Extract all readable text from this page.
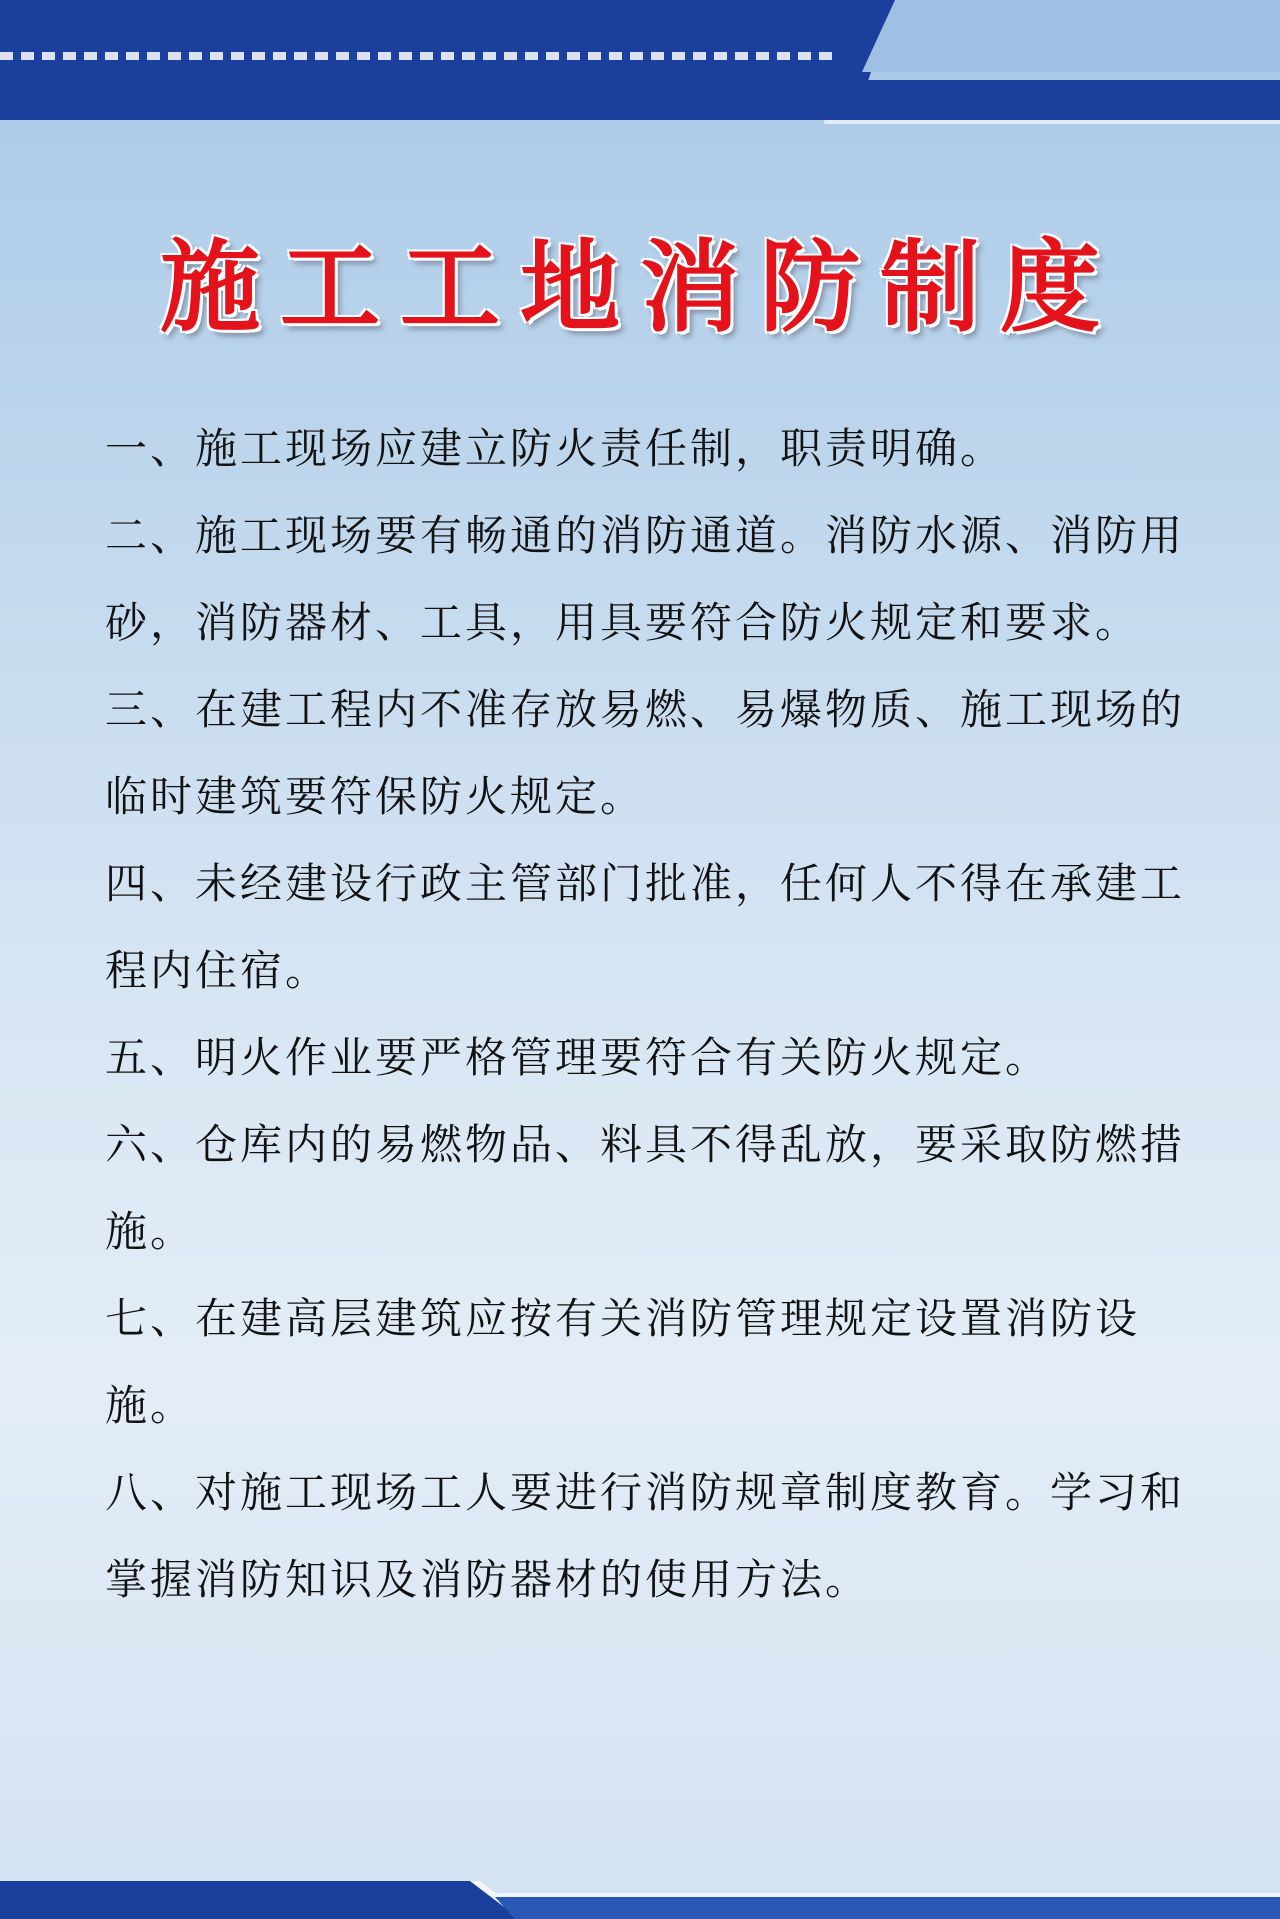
施工工地消防制度

一、施工现场应建立防火责任制，职责明确。

二、施工现场要有畅通的消防通道。消防水源、消防用砂，消防器材、工具，用具要符合防火规定和要求。

三、在建工程内不准存放易燃、易爆物质、施工现场的临时建筑要符保防火规定。

四、未经建设行政主管部门批准，任何人不得在承建工程内住宿。

五、明火作业要严格管理要符合有关防火规定。

六、仓库内的易燃物品、料具不得乱放，要采取防燃措施。

七、在建高层建筑应按有关消防管理规定设置消防设施。

八、对施工现场工人要进行消防规章制度教育。学习和掌握消防知识及消防器材的使用方法。
